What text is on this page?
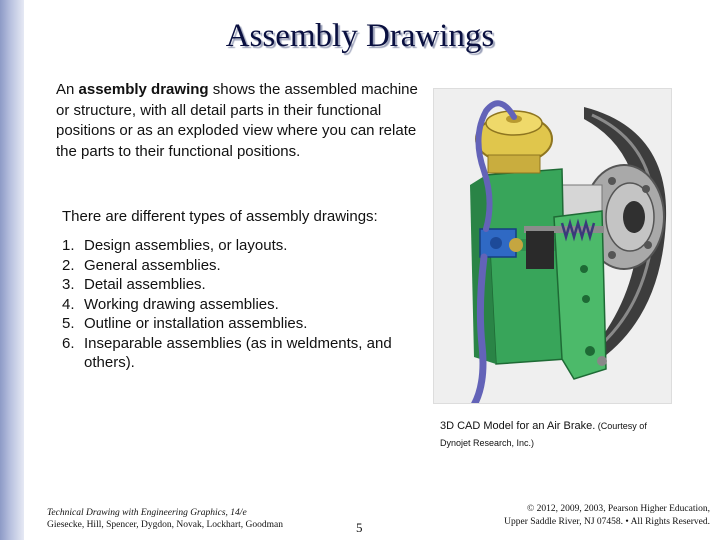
Assembly Drawings

An assembly drawing shows the assembled machine or structure, with all detail parts in their functional positions or as an exploded view where you can relate the parts to their functional positions.

There are different types of assembly drawings:

1. Design assemblies, or layouts.
2. General assemblies.
3. Detail assemblies.
4. Working drawing assemblies.
5. Outline or installation assemblies.
6. Inseparable assemblies (as in weldments, and others).
3D CAD Model for an Air Brake. (Courtesy of
Dynojet Research, Inc.)
Technical Drawing with Engineering Graphics, 14/e
Giesecke, Hill, Spencer, Dygdon, Novak, Lockhart, Goodman	5
© 2012, 2009, 2003, Pearson Higher Education,
Upper Saddle River, NJ 07458. • All Rights Reserved.
